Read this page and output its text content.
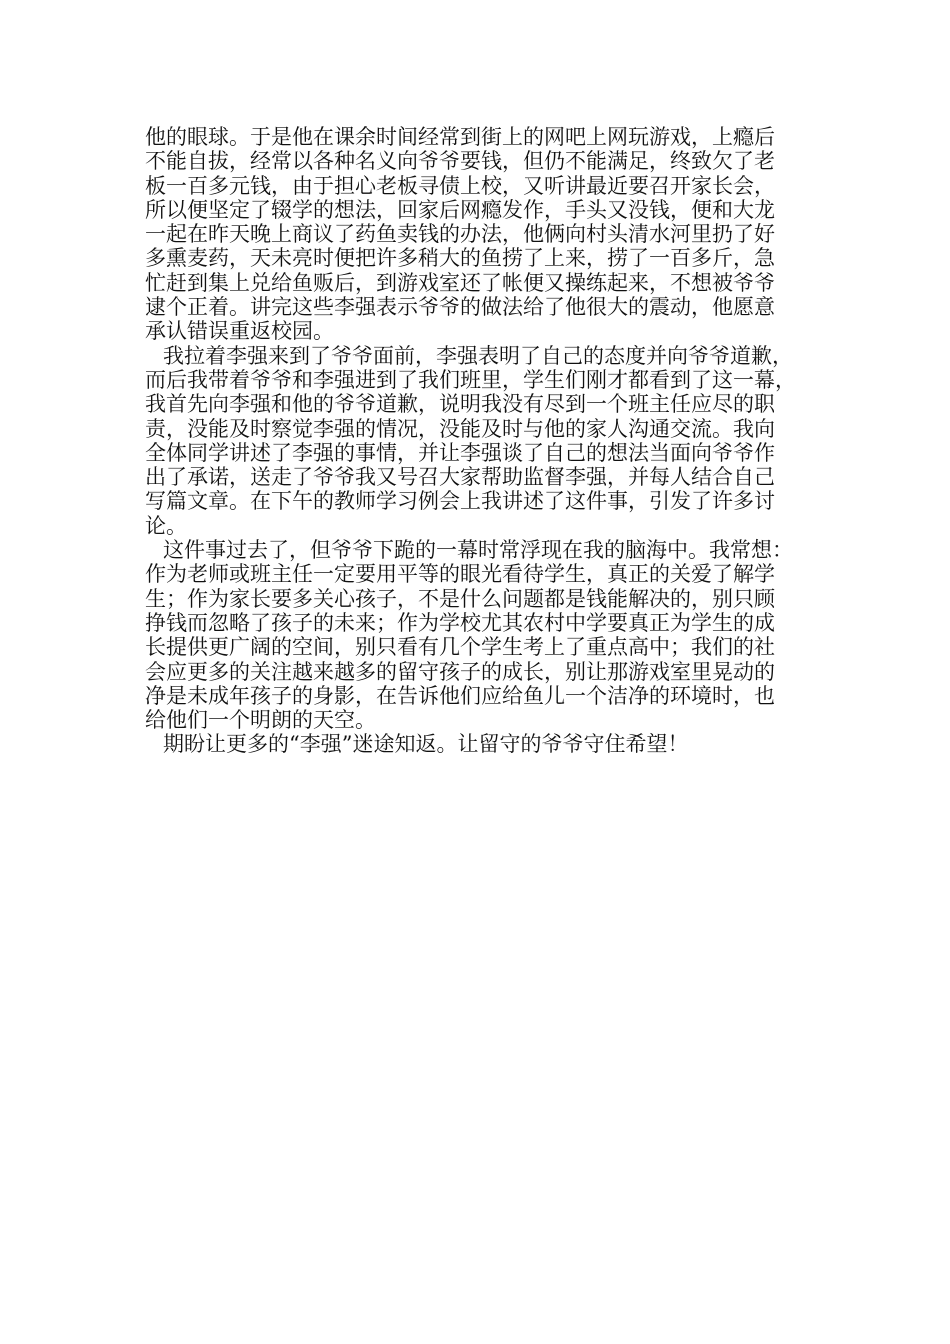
他的眼球。于是他在课余时间经常到街上的网吧上网玩游戏，上瘾后
不能自拔，经常以各种名义向爷爷要钱，但仍不能满足，终致欠了老
板一百多元钱，由于担心老板寻债上校，又听讲最近要召开家长会，
所以便坚定了辍学的想法，回家后网瘾发作，手头又没钱，便和大龙
一起在昨天晚上商议了药鱼卖钱的办法，他俩向村头清水河里扔了好
多熏麦药，天未亮时便把许多稍大的鱼捞了上来，捞了一百多斤，急
忙赶到集上兑给鱼贩后，到游戏室还了帐便又操练起来，不想被爷爷
逮个正着。讲完这些李强表示爷爷的做法给了他很大的震动，他愿意
承认错误重返校园。
我拉着李强来到了爷爷面前，李强表明了自己的态度并向爷爷道歉，
而后我带着爷爷和李强进到了我们班里，学生们刚才都看到了这一幕，
我首先向李强和他的爷爷道歉，说明我没有尽到一个班主任应尽的职
责，没能及时察觉李强的情况，没能及时与他的家人沟通交流。我向
全体同学讲述了李强的事情，并让李强谈了自己的想法当面向爷爷作
出了承诺，送走了爷爷我又号召大家帮助监督李强，并每人结合自己
写篇文章。在下午的教师学习例会上我讲述了这件事，引发了许多讨
论。
这件事过去了，但爷爷下跪的一幕时常浮现在我的脑海中。我常想：
作为老师或班主任一定要用平等的眼光看待学生，真正的关爱了解学
生；作为家长要多关心孩子，不是什么问题都是钱能解决的，别只顾
挣钱而忽略了孩子的未来；作为学校尤其农村中学要真正为学生的成
长提供更广阔的空间，别只看有几个学生考上了重点高中；我们的社
会应更多的关注越来越多的留守孩子的成长，别让那游戏室里晃动的
净是未成年孩子的身影，在告诉他们应给鱼儿一个洁净的环境时，也
给他们一个明朗的天空。
期盼让更多的“李强”迷途知返。让留守的爷爷守住希望！
